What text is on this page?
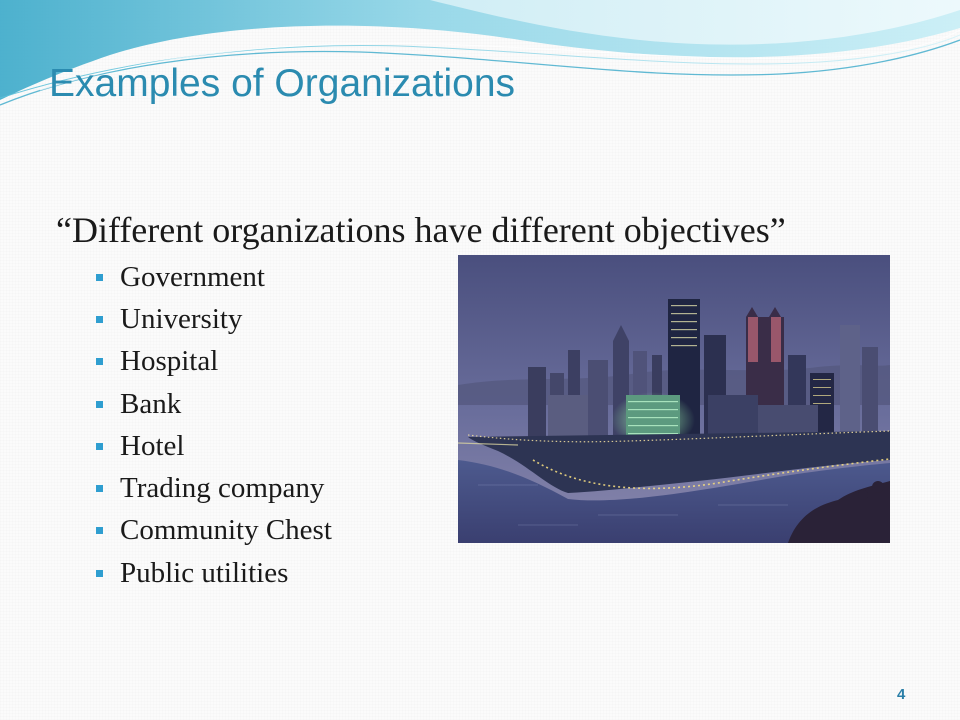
Examples of Organizations

“Different organizations have different objectives”

Government
University
Hospital
Bank
Hotel
Trading company
Community Chest
Public utilities
4
